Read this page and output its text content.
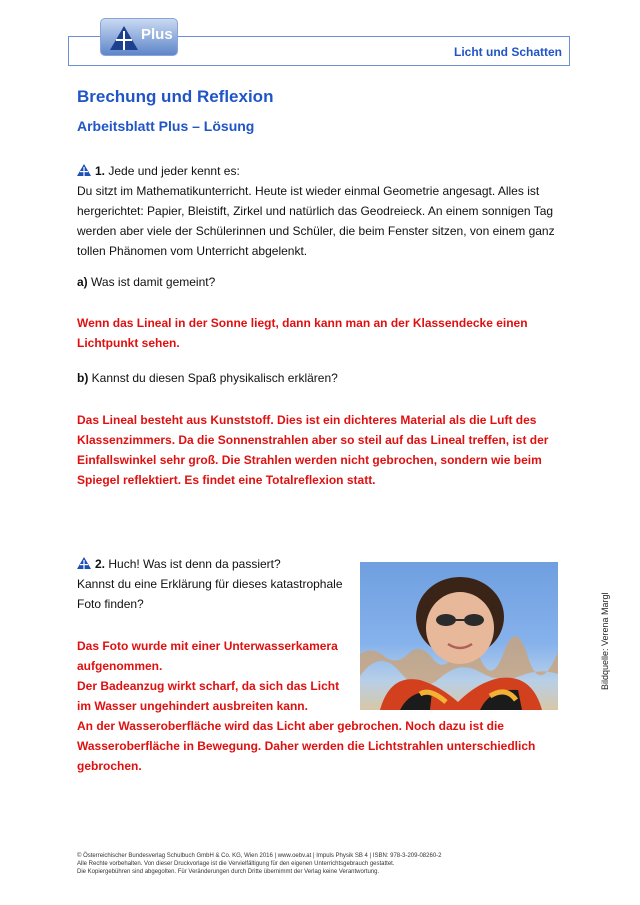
Plus
Licht und Schatten
Brechung und Reflexion
Arbeitsblatt Plus – Lösung
1. Jede und jeder kennt es:
Du sitzt im Mathematikunterricht. Heute ist wieder einmal Geometrie angesagt. Alles ist
hergerichtet: Papier, Bleistift, Zirkel und natürlich das Geodreieck. An einem sonnigen Tag
werden aber viele der Schülerinnen und Schüler, die beim Fenster sitzen, von einem ganz
tollen Phänomen vom Unterricht abgelenkt.
a) Was ist damit gemeint?
Wenn das Lineal in der Sonne liegt, dann kann man an der Klassendecke einen
Lichtpunkt sehen.
b) Kannst du diesen Spaß physikalisch erklären?
Das Lineal besteht aus Kunststoff. Dies ist ein dichteres Material als die Luft des
Klassenzimmers. Da die Sonnenstrahlen aber so steil auf das Lineal treffen, ist der
Einfallswinkel sehr groß. Die Strahlen werden nicht gebrochen, sondern wie beim
Spiegel reflektiert. Es findet eine Totalreflexion statt.
2. Huch! Was ist denn da passiert?
Kannst du eine Erklärung für dieses katastrophale
Foto finden?
Das Foto wurde mit einer Unterwasserkamera
aufgenommen.
Der Badeanzug wirkt scharf, da sich das Licht
im Wasser ungehindert ausbreiten kann.
An der Wasseroberfläche wird das Licht aber gebrochen. Noch dazu ist die
Wasseroberfläche in Bewegung. Daher werden die Lichtstrahlen unterschiedlich
gebrochen.
Bildquelle: Verena Margl
© Österreichischer Bundesverlag Schulbuch GmbH & Co. KG, Wien 2016 | www.oebv.at | Impuls Physik SB 4 | ISBN: 978-3-209-08260-2
Alle Rechte vorbehalten. Von dieser Druckvorlage ist die Vervielfältigung für den eigenen Unterrichtsgebrauch gestattet.
Die Kopiergebühren sind abgegolten. Für Veränderungen durch Dritte übernimmt der Verlag keine Verantwortung.
